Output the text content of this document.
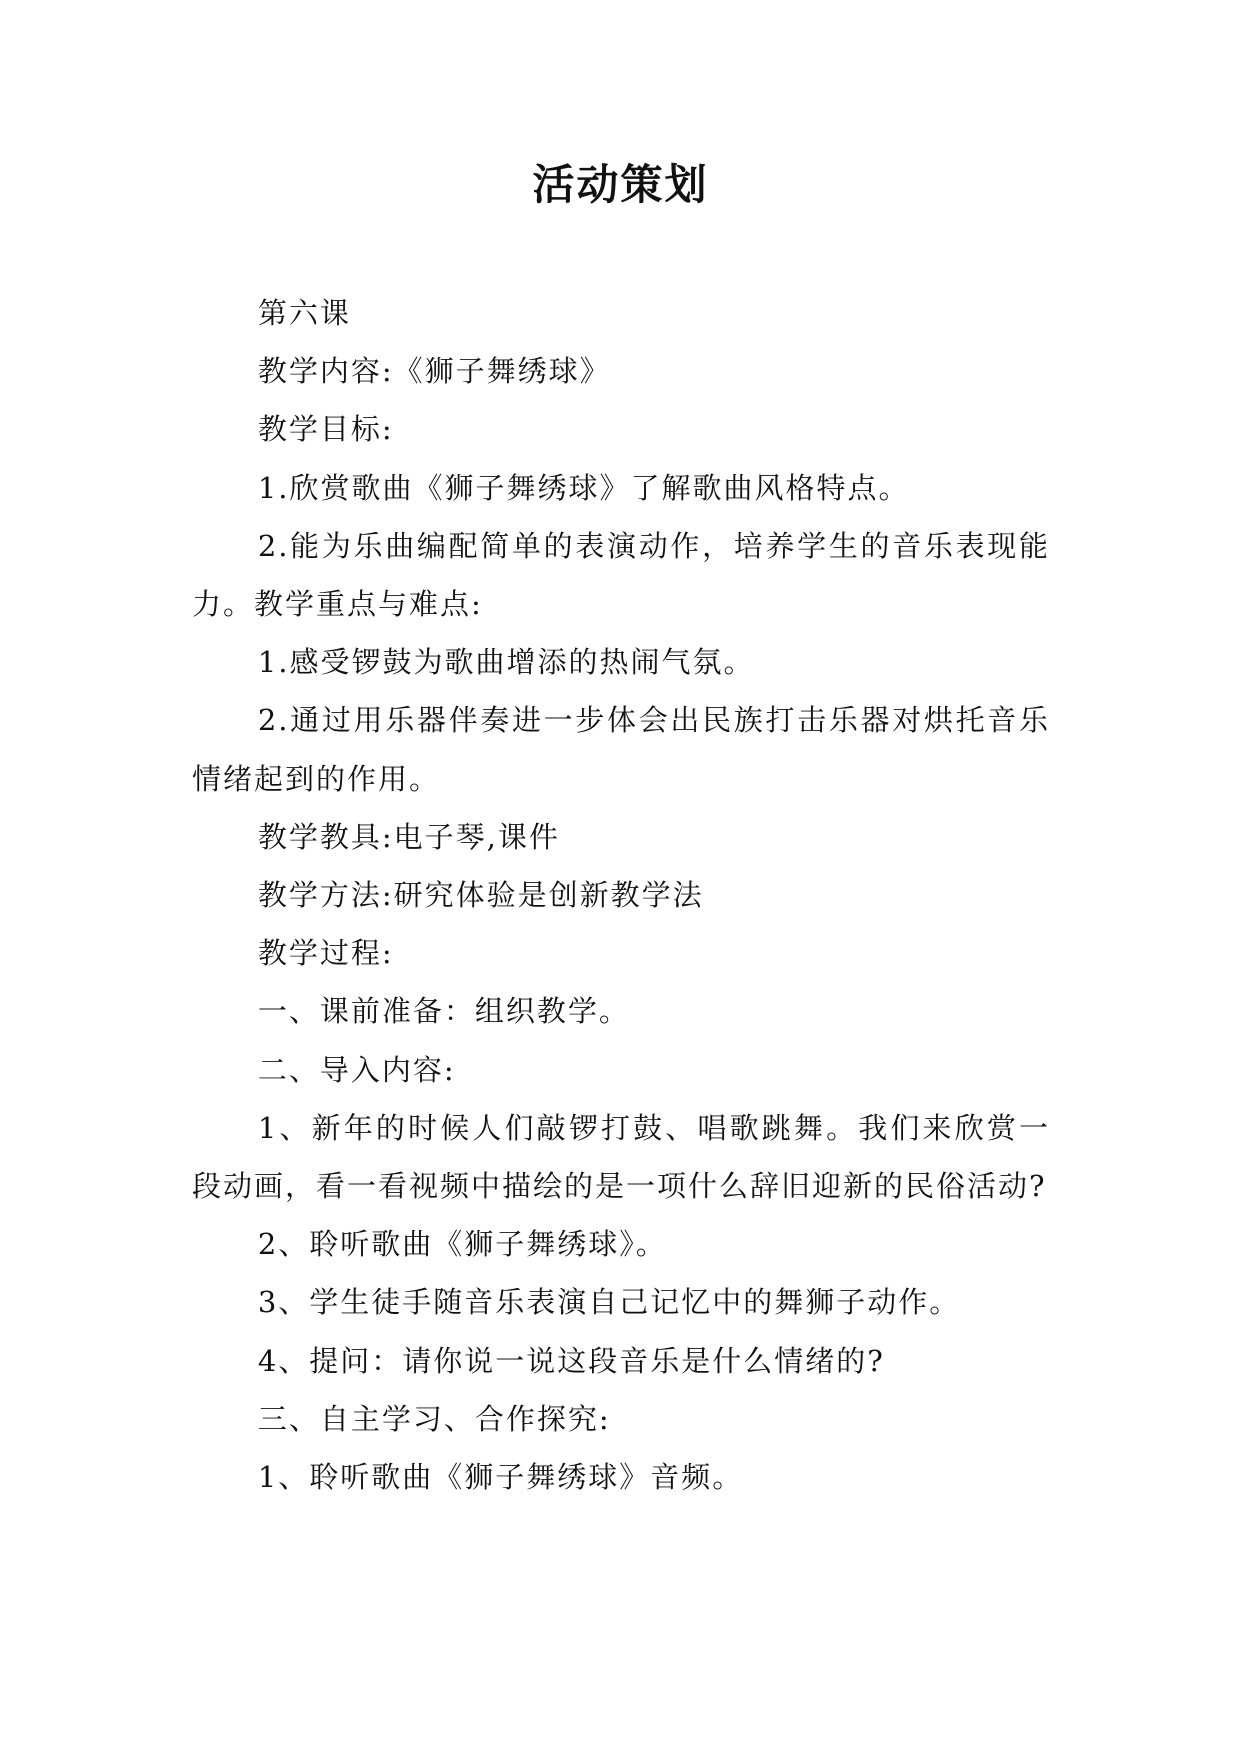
活动策划

第六课

教学内容:《狮子舞绣球》

教学目标:

1.欣赏歌曲《狮子舞绣球》了解歌曲风格特点。

2.能为乐曲编配简单的表演动作，培养学生的音乐表现能力。教学重点与难点:

1.感受锣鼓为歌曲增添的热闹气氛。

2.通过用乐器伴奏进一步体会出民族打击乐器对烘托音乐情绪起到的作用。

教学教具:电子琴,课件

教学方法:研究体验是创新教学法

教学过程:

一、课前准备：组织教学。

二、导入内容:

1、新年的时候人们敲锣打鼓、唱歌跳舞。我们来欣赏一段动画，看一看视频中描绘的是一项什么辞旧迎新的民俗活动?

2、聆听歌曲《狮子舞绣球》。

3、学生徒手随音乐表演自己记忆中的舞狮子动作。

4、提问：请你说一说这段音乐是什么情绪的?

三、自主学习、合作探究:

1、聆听歌曲《狮子舞绣球》音频。
